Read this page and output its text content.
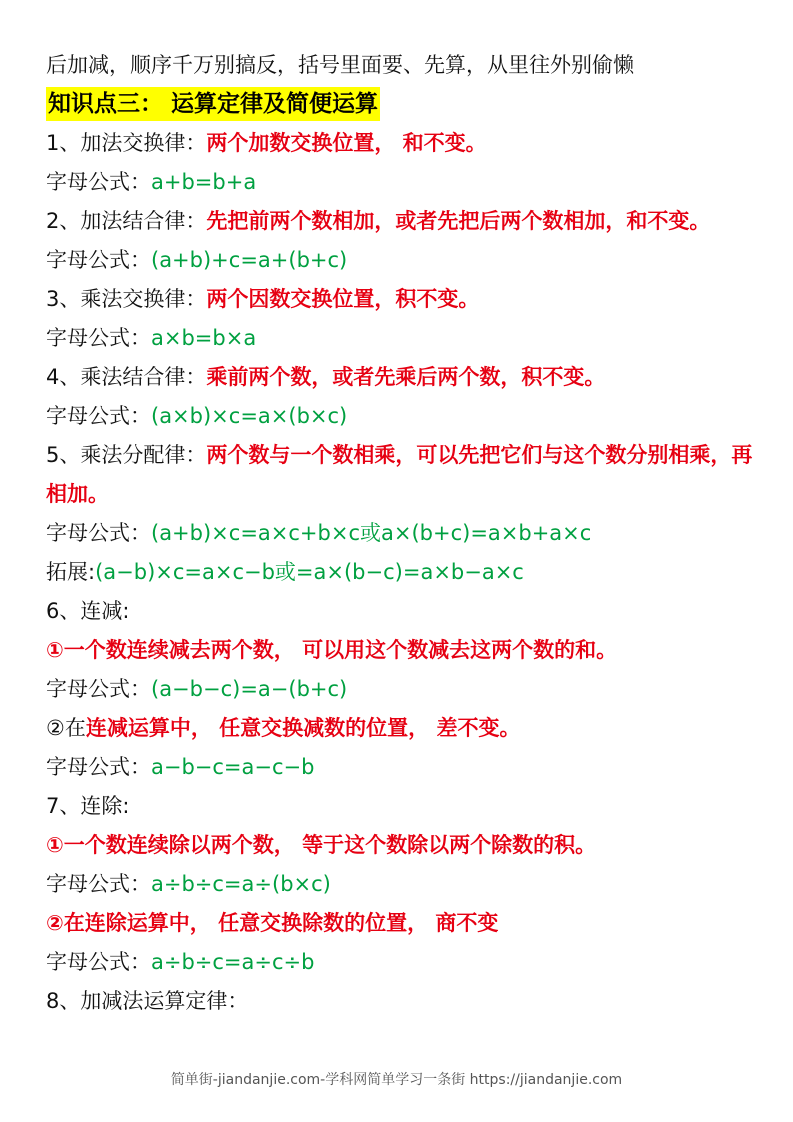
后加减，顺序千万别搞反，括号里面要、先算，从里往外别偷懒
知识点三： 运算定律及简便运算
1、加法交换律：两个加数交换位置， 和不变。
字母公式：a+b=b+a
2、加法结合律：先把前两个数相加，或者先把后两个数相加，和不变。
字母公式：(a+b)+c=a+(b+c)
3、乘法交换律：两个因数交换位置，积不变。
字母公式：a×b=b×a
4、乘法结合律：乘前两个数，或者先乘后两个数，积不变。
字母公式：(a×b)×c=a×(b×c)
5、乘法分配律：两个数与一个数相乘，可以先把它们与这个数分别相乘，再相加。
字母公式：(a+b)×c=a×c+b×c或a×(b+c)=a×b+a×c
拓展:(a−b)×c=a×c−b或=a×(b−c)=a×b−a×c
6、连减:
①一个数连续减去两个数， 可以用这个数减去这两个数的和。
字母公式：(a−b−c)=a−(b+c)
②在连减运算中， 任意交换减数的位置， 差不变。
字母公式：a−b−c=a−c−b
7、连除:
①一个数连续除以两个数， 等于这个数除以两个除数的积。
字母公式：a÷b÷c=a÷(b×c)
②在连除运算中， 任意交换除数的位置， 商不变
字母公式：a÷b÷c=a÷c÷b
8、加减法运算定律：
简单街-jiandanjie.com-学科网简单学习一条街 https://jiandanjie.com
